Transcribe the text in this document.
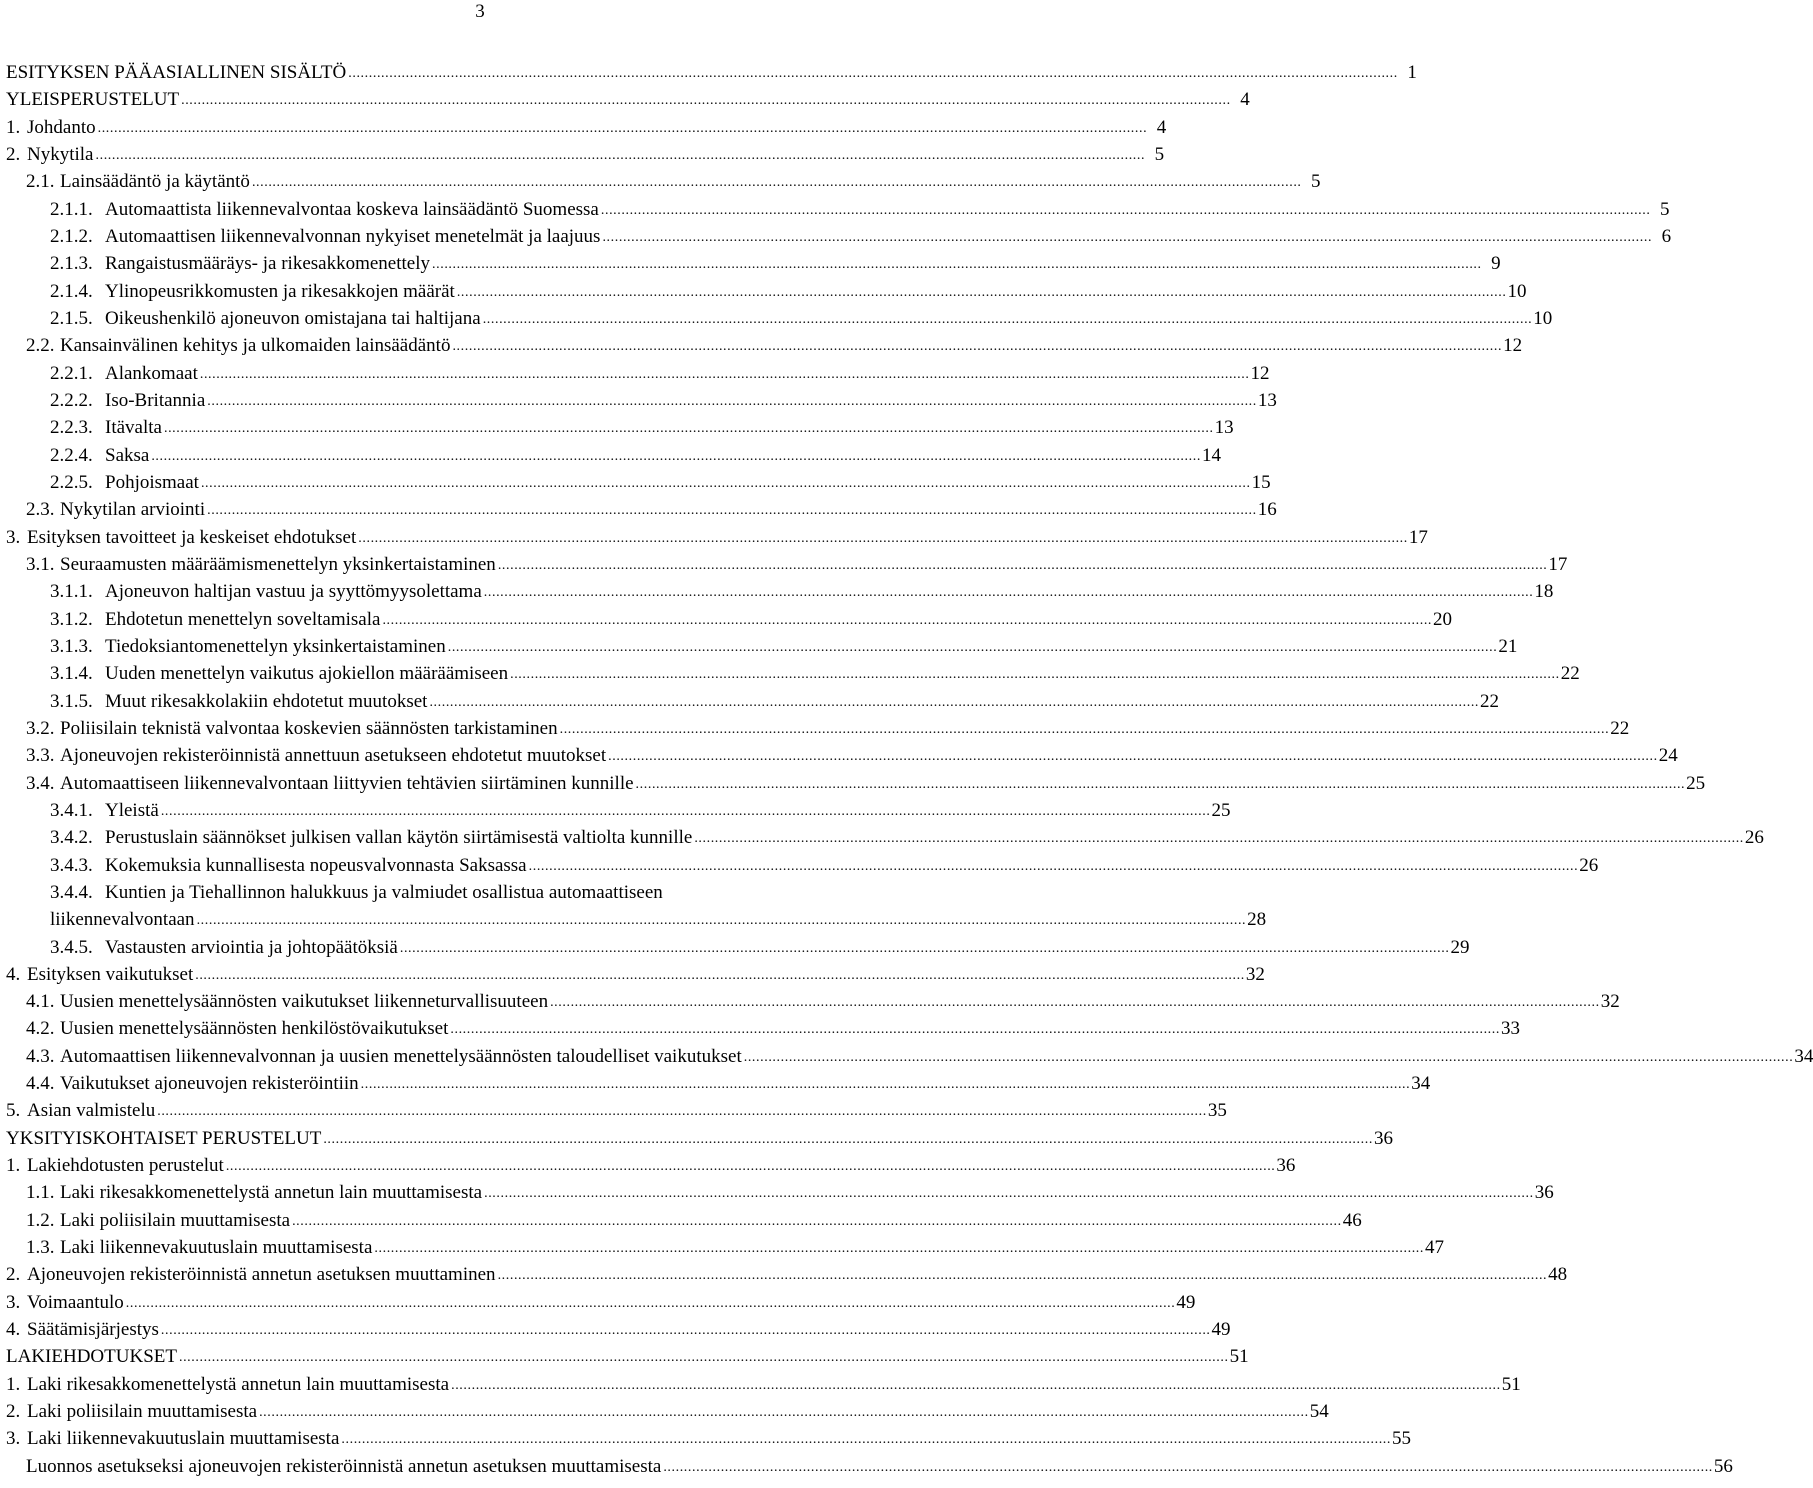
3
ESITYKSEN PÄÄASIALLINEN SISÄLTÖ .....	1
YLEISPERUSTELUT .....	4
1. Johdanto .....	4
2. Nykytila .....	5
2.1. Lainsäädäntö ja käytäntö .....	5
2.1.1. Automaattista liikennevalvontaa koskeva lainsäädäntö Suomessa .....	5
2.1.2. Automaattisen liikennevalvonnan nykyiset menetelmät ja laajuus .....	6
2.1.3. Rangaistusmääräys- ja rikesakkomenettely .....	9
2.1.4. Ylinopeusrikkomusten ja rikesakkojen määrät .....	10
2.1.5. Oikeushenkilö ajoneuvon omistajana tai haltijana .....	10
2.2. Kansainvälinen kehitys ja ulkomaiden lainsäädäntö .....	12
2.2.1. Alankomaat .....	12
2.2.2. Iso-Britannia .....	13
2.2.3. Itävalta .....	13
2.2.4. Saksa .....	14
2.2.5. Pohjoismaat .....	15
2.3. Nykytilan arviointi .....	16
3. Esityksen tavoitteet ja keskeiset ehdotukset .....	17
3.1. Seuraamusten määräämismenettelyn yksinkertaistaminen .....	17
3.1.1. Ajoneuvon haltijan vastuu ja syyttömyysolettama .....	18
3.1.2. Ehdotetun menettelyn soveltamisala .....	20
3.1.3. Tiedoksiantomenettelyn yksinkertaistaminen .....	21
3.1.4. Uuden menettelyn vaikutus ajokiellon määräämiseen .....	22
3.1.5. Muut rikesakkolakiin ehdotetut muutokset .....	22
3.2. Poliisilain teknistä valvontaa koskevien säännösten tarkistaminen .....	22
3.3. Ajoneuvojen rekisteröinnistä annettuun asetukseen ehdotetut muutokset .....	24
3.4. Automaattiseen liikennevalvontaan liittyvien tehtävien siirtäminen kunnille .....	25
3.4.1. Yleistä .....	25
3.4.2. Perustuslain säännökset julkisen vallan käytön siirtämisestä valtiolta kunnille .....	26
3.4.3. Kokemuksia kunnallisesta nopeusvalvonnasta Saksassa .....	26
3.4.4. Kuntien ja Tiehallinnon halukkuus ja valmiudet osallistua automaattiseen
liikennevalvontaan .....	28
3.4.5. Vastausten arviointia ja johtopäätöksiä .....	29
4. Esityksen vaikutukset .....	32
4.1. Uusien menettelysäännösten vaikutukset liikenneturvallisuuteen .....	32
4.2. Uusien menettelysäännösten henkilöstövaikutukset .....	33
4.3. Automaattisen liikennevalvonnan ja uusien menettelysäännösten taloudelliset vaikutukset .....	34
4.4. Vaikutukset ajoneuvojen rekisteröintiin .....	34
5. Asian valmistelu .....	35
YKSITYISKOHTAISET PERUSTELUT .....	36
1. Lakiehdotusten perustelut .....	36
1.1. Laki rikesakkomenettelystä annetun lain muuttamisesta .....	36
1.2. Laki poliisilain muuttamisesta .....	46
1.3. Laki liikennevakuutuslain muuttamisesta .....	47
2. Ajoneuvojen rekisteröinnistä annetun asetuksen muuttaminen .....	48
3. Voimaantulo .....	49
4. Säätämisjärjestys .....	49
LAKIEHDOTUKSET .....	51
1. Laki rikesakkomenettelystä annetun lain muuttamisesta .....	51
2. Laki poliisilain muuttamisesta .....	54
3. Laki liikennevakuutuslain muuttamisesta .....	55
Luonnos asetukseksi ajoneuvojen rekisteröinnistä annetun asetuksen muuttamisesta .....	56
